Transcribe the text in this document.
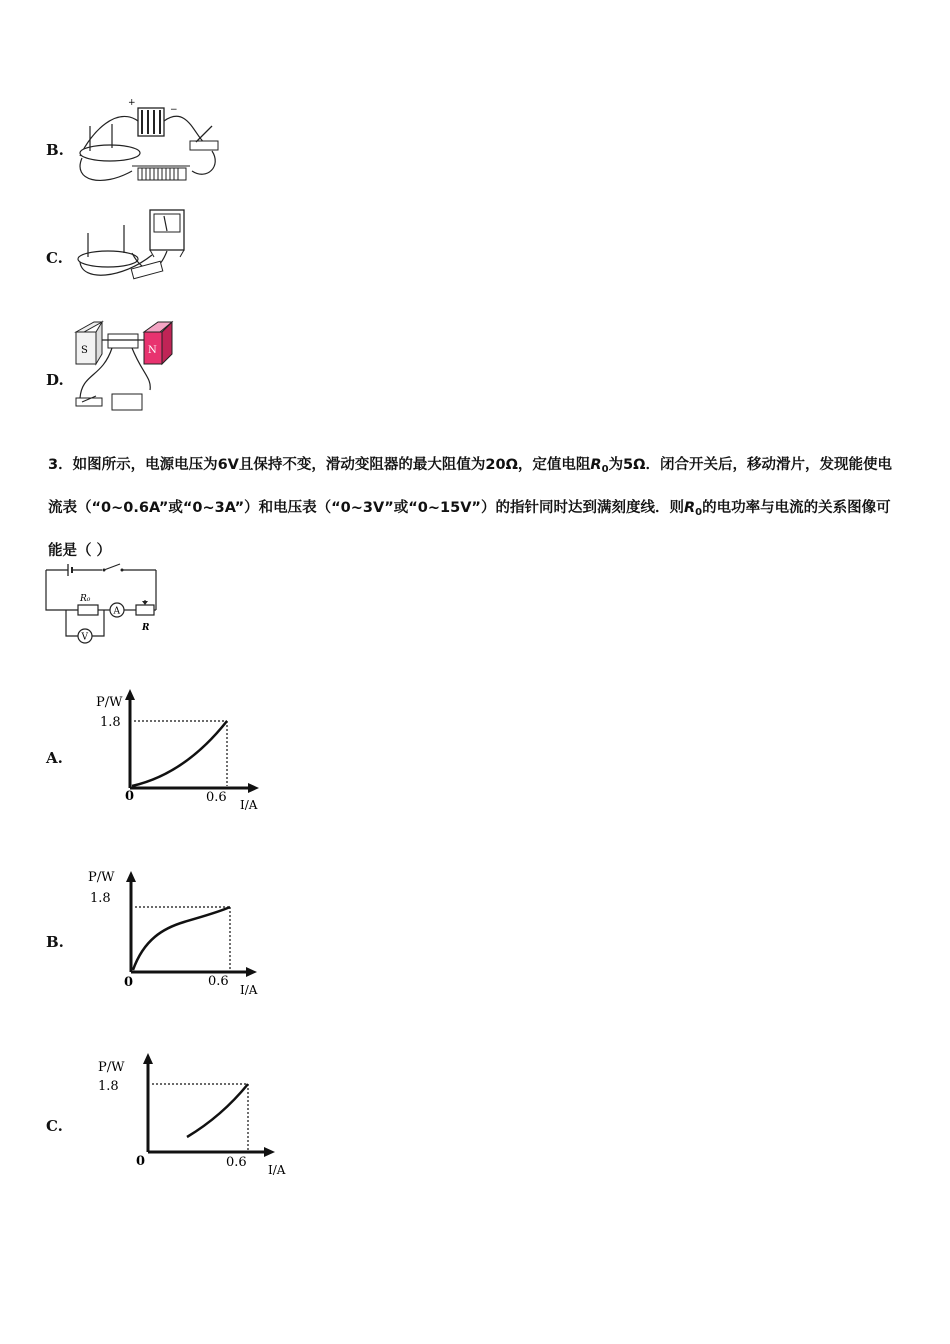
B.
+
−
C.
D.
S	N
3．如图所示，电源电压为6V且保持不变，滑动变阻器的最大阻值为20Ω，定值电阻$R_0$为5Ω．闭合开关后，移动滑片，发现能使电流表（“0~0.6A”或“0~3A”）和电压表（“0~3V”或“0~15V”）的指针同时达到满刻度线．则$R_0$的电功率与电流的关系图像可能是（ ）
R₀
A
R
V
A.
P/W
1.8
0	0.6 I/A
B.
P/W
1.8
0	0.6
I/A
C.
P/W
1.8
0	0.6 I/A
